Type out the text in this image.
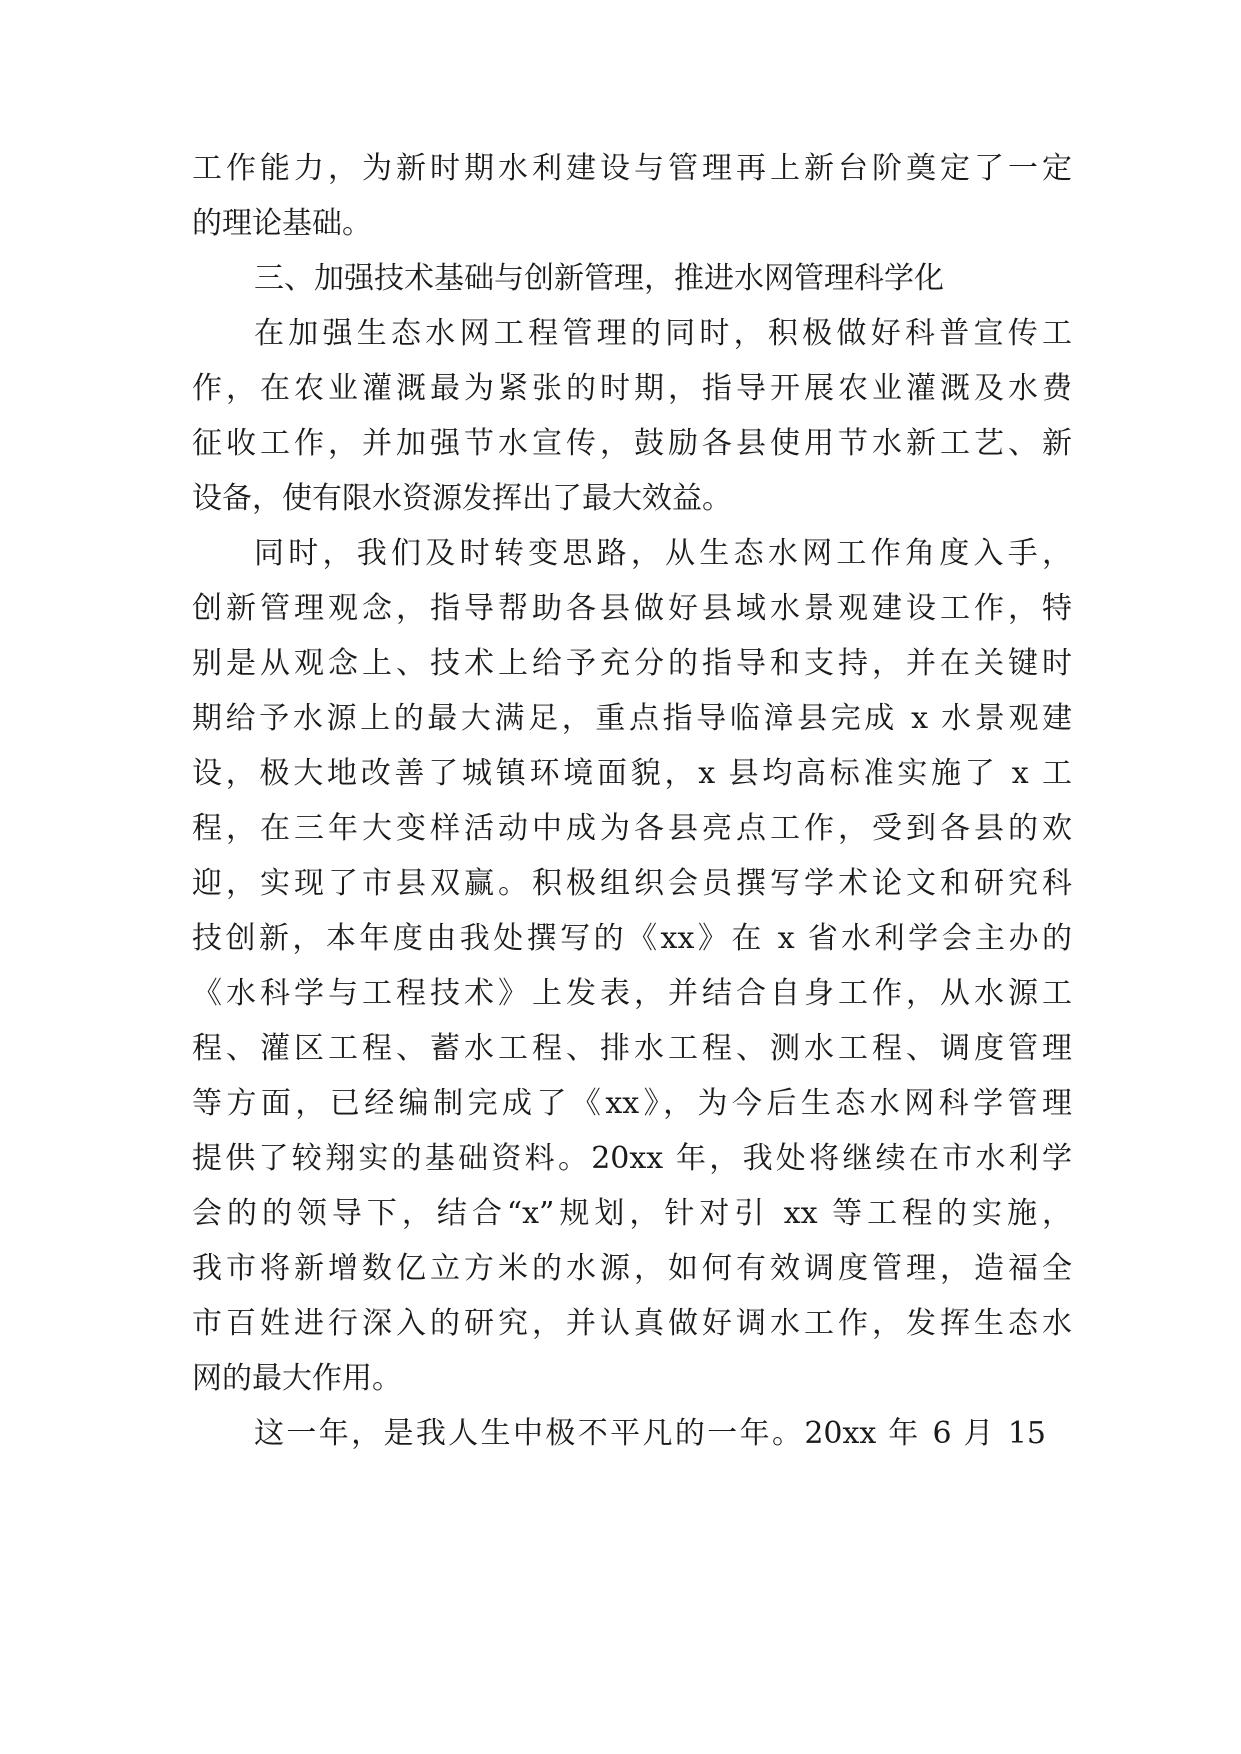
工作能力，为新时期水利建设与管理再上新台阶奠定了一定
的理论基础。
三、加强技术基础与创新管理，推进水网管理科学化
在加强生态水网工程管理的同时，积极做好科普宣传工
作，在农业灌溉最为紧张的时期，指导开展农业灌溉及水费
征收工作，并加强节水宣传，鼓励各县使用节水新工艺、新
设备，使有限水资源发挥出了最大效益。
同时，我们及时转变思路，从生态水网工作角度入手，
创新管理观念，指导帮助各县做好县域水景观建设工作，特
别是从观念上、技术上给予充分的指导和支持，并在关键时
期给予水源上的最大满足，重点指导临漳县完成 x 水景观建
设，极大地改善了城镇环境面貌，x 县均高标准实施了 x 工
程，在三年大变样活动中成为各县亮点工作，受到各县的欢
迎，实现了市县双赢。积极组织会员撰写学术论文和研究科
技创新，本年度由我处撰写的《xx》在 x 省水利学会主办的
《水科学与工程技术》上发表，并结合自身工作，从水源工
程、灌区工程、蓄水工程、排水工程、测水工程、调度管理
等方面，已经编制完成了《xx》，为今后生态水网科学管理
提供了较翔实的基础资料。20xx 年，我处将继续在市水利学
会的的领导下，结合“x”规划，针对引 xx 等工程的实施，
我市将新增数亿立方米的水源，如何有效调度管理，造福全
市百姓进行深入的研究，并认真做好调水工作，发挥生态水
网的最大作用。
这一年，是我人生中极不平凡的一年。20xx 年 6 月 15
